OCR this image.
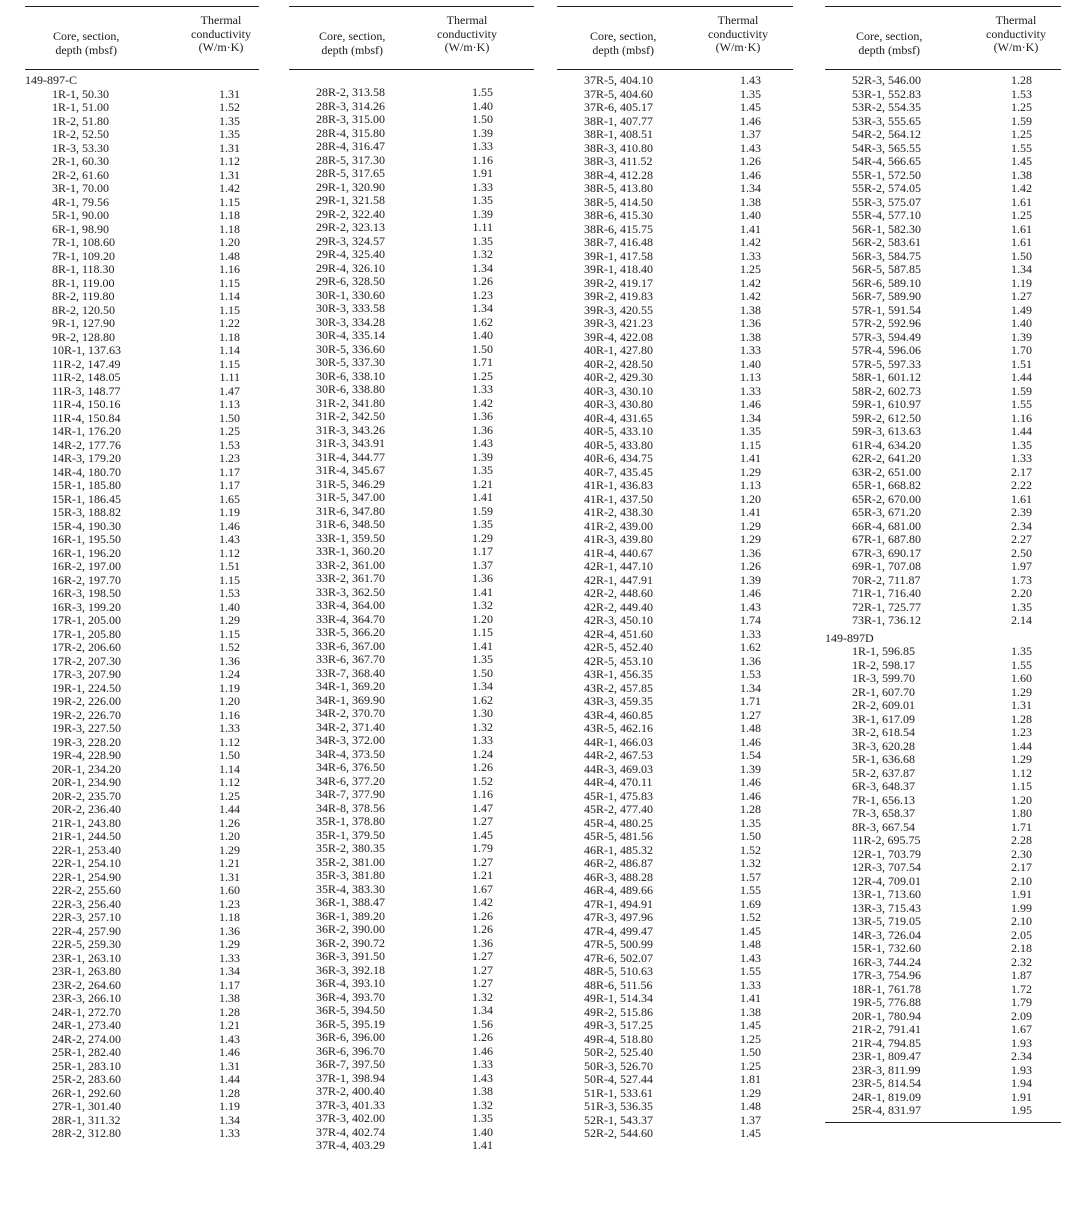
Core, section,
depth (mbsf)
Thermal
conductivity
(W/m·K)
149-897-C
1R-1, 50.30	1.31
1R-1, 51.00	1.52
1R-2, 51.80	1.35
1R-2, 52.50	1.35
1R-3, 53.30	1.31
2R-1, 60.30	1.12
2R-2, 61.60	1.31
3R-1, 70.00	1.42
4R-1, 79.56	1.15
5R-1, 90.00	1.18
6R-1, 98.90	1.18
7R-1, 108.60	1.20
7R-1, 109.20	1.48
8R-1, 118.30	1.16
8R-1, 119.00	1.15
8R-2, 119.80	1.14
8R-2, 120.50	1.15
9R-1, 127.90	1.22
9R-2, 128.80	1.18
10R-1, 137.63	1.14
11R-2, 147.49	1.15
11R-2, 148.05	1.11
11R-3, 148.77	1.47
11R-4, 150.16	1.13
11R-4, 150.84	1.50
14R-1, 176.20	1.25
14R-2, 177.76	1.53
14R-3, 179.20	1.23
14R-4, 180.70	1.17
15R-1, 185.80	1.17
15R-1, 186.45	1.65
15R-3, 188.82	1.19
15R-4, 190.30	1.46
16R-1, 195.50	1.43
16R-1, 196.20	1.12
16R-2, 197.00	1.51
16R-2, 197.70	1.15
16R-3, 198.50	1.53
16R-3, 199.20	1.40
17R-1, 205.00	1.29
17R-1, 205.80	1.15
17R-2, 206.60	1.52
17R-2, 207.30	1.36
17R-3, 207.90	1.24
19R-1, 224.50	1.19
19R-2, 226.00	1.20
19R-2, 226.70	1.16
19R-3, 227.50	1.33
19R-3, 228.20	1.12
19R-4, 228.90	1.50
20R-1, 234.20	1.14
20R-1, 234.90	1.12
20R-2, 235.70	1.25
20R-2, 236.40	1.44
21R-1, 243.80	1.26
21R-1, 244.50	1.20
22R-1, 253.40	1.29
22R-1, 254.10	1.21
22R-1, 254.90	1.31
22R-2, 255.60	1.60
22R-3, 256.40	1.23
22R-3, 257.10	1.18
22R-4, 257.90	1.36
22R-5, 259.30	1.29
23R-1, 263.10	1.33
23R-1, 263.80	1.34
23R-2, 264.60	1.17
23R-3, 266.10	1.38
24R-1, 272.70	1.28
24R-1, 273.40	1.21
24R-2, 274.00	1.43
25R-1, 282.40	1.46
25R-1, 283.10	1.31
25R-2, 283.60	1.44
26R-1, 292.60	1.28
27R-1, 301.40	1.19
28R-1, 311.32	1.34
28R-2, 312.80	1.33
Core, section,
depth (mbsf)
Thermal
conductivity
(W/m·K)
28R-2, 313.58	1.55
28R-3, 314.26	1.40
28R-3, 315.00	1.50
28R-4, 315.80	1.39
28R-4, 316.47	1.33
28R-5, 317.30	1.16
28R-5, 317.65	1.91
29R-1, 320.90	1.33
29R-1, 321.58	1.35
29R-2, 322.40	1.39
29R-2, 323.13	1.11
29R-3, 324.57	1.35
29R-4, 325.40	1.32
29R-4, 326.10	1.34
29R-6, 328.50	1.26
30R-1, 330.60	1.23
30R-3, 333.58	1.34
30R-3, 334.28	1.62
30R-4, 335.14	1.40
30R-5, 336.60	1.50
30R-5, 337.30	1.71
30R-6, 338.10	1.25
30R-6, 338.80	1.33
31R-2, 341.80	1.42
31R-2, 342.50	1.36
31R-3, 343.26	1.36
31R-3, 343.91	1.43
31R-4, 344.77	1.39
31R-4, 345.67	1.35
31R-5, 346.29	1.21
31R-5, 347.00	1.41
31R-6, 347.80	1.59
31R-6, 348.50	1.35
33R-1, 359.50	1.29
33R-1, 360.20	1.17
33R-2, 361.00	1.37
33R-2, 361.70	1.36
33R-3, 362.50	1.41
33R-4, 364.00	1.32
33R-4, 364.70	1.20
33R-5, 366.20	1.15
33R-6, 367.00	1.41
33R-6, 367.70	1.35
33R-7, 368.40	1.50
34R-1, 369.20	1.34
34R-1, 369.90	1.62
34R-2, 370.70	1.30
34R-2, 371.40	1.32
34R-3, 372.00	1.33
34R-4, 373.50	1.24
34R-6, 376.50	1.26
34R-6, 377.20	1.52
34R-7, 377.90	1.16
34R-8, 378.56	1.47
35R-1, 378.80	1.27
35R-1, 379.50	1.45
35R-2, 380.35	1.79
35R-2, 381.00	1.27
35R-3, 381.80	1.21
35R-4, 383.30	1.67
36R-1, 388.47	1.42
36R-1, 389.20	1.26
36R-2, 390.00	1.26
36R-2, 390.72	1.36
36R-3, 391.50	1.27
36R-3, 392.18	1.27
36R-4, 393.10	1.27
36R-4, 393.70	1.32
36R-5, 394.50	1.34
36R-5, 395.19	1.56
36R-6, 396.00	1.26
36R-6, 396.70	1.46
36R-7, 397.50	1.33
37R-1, 398.94	1.43
37R-2, 400.40	1.38
37R-3, 401.33	1.32
37R-3, 402.00	1.35
37R-4, 402.74	1.40
37R-4, 403.29	1.41
Core, section,
depth (mbsf)
Thermal
conductivity
(W/m·K)
37R-5, 404.10	1.43
37R-5, 404.60	1.35
37R-6, 405.17	1.45
38R-1, 407.77	1.46
38R-1, 408.51	1.37
38R-3, 410.80	1.43
38R-3, 411.52	1.26
38R-4, 412.28	1.46
38R-5, 413.80	1.34
38R-5, 414.50	1.38
38R-6, 415.30	1.40
38R-6, 415.75	1.41
38R-7, 416.48	1.42
39R-1, 417.58	1.33
39R-1, 418.40	1.25
39R-2, 419.17	1.42
39R-2, 419.83	1.42
39R-3, 420.55	1.38
39R-3, 421.23	1.36
39R-4, 422.08	1.38
40R-1, 427.80	1.33
40R-2, 428.50	1.40
40R-2, 429.30	1.13
40R-3, 430.10	1.33
40R-3, 430.80	1.46
40R-4, 431.65	1.34
40R-5, 433.10	1.35
40R-5, 433.80	1.15
40R-6, 434.75	1.41
40R-7, 435.45	1.29
41R-1, 436.83	1.13
41R-1, 437.50	1.20
41R-2, 438.30	1.41
41R-2, 439.00	1.29
41R-3, 439.80	1.29
41R-4, 440.67	1.36
42R-1, 447.10	1.26
42R-1, 447.91	1.39
42R-2, 448.60	1.46
42R-2, 449.40	1.43
42R-3, 450.10	1.74
42R-4, 451.60	1.33
42R-5, 452.40	1.62
42R-5, 453.10	1.36
43R-1, 456.35	1.53
43R-2, 457.85	1.34
43R-3, 459.35	1.71
43R-4, 460.85	1.27
43R-5, 462.16	1.48
44R-1, 466.03	1.46
44R-2, 467.53	1.54
44R-3, 469.03	1.39
44R-4, 470.11	1.46
45R-1, 475.83	1.46
45R-2, 477.40	1.28
45R-4, 480.25	1.35
45R-5, 481.56	1.50
46R-1, 485.32	1.52
46R-2, 486.87	1.32
46R-3, 488.28	1.57
46R-4, 489.66	1.55
47R-1, 494.91	1.69
47R-3, 497.96	1.52
47R-4, 499.47	1.45
47R-5, 500.99	1.48
47R-6, 502.07	1.43
48R-5, 510.63	1.55
48R-6, 511.56	1.33
49R-1, 514.34	1.41
49R-2, 515.86	1.38
49R-3, 517.25	1.45
49R-4, 518.80	1.25
50R-2, 525.40	1.50
50R-3, 526.70	1.25
50R-4, 527.44	1.81
51R-1, 533.61	1.29
51R-3, 536.35	1.48
52R-1, 543.37	1.37
52R-2, 544.60	1.45
Core, section,
depth (mbsf)
Thermal
conductivity
(W/m·K)
52R-3, 546.00	1.28
53R-1, 552.83	1.53
53R-2, 554.35	1.25
53R-3, 555.65	1.59
54R-2, 564.12	1.25
54R-3, 565.55	1.55
54R-4, 566.65	1.45
55R-1, 572.50	1.38
55R-2, 574.05	1.42
55R-3, 575.07	1.61
55R-4, 577.10	1.25
56R-1, 582.30	1.61
56R-2, 583.61	1.61
56R-3, 584.75	1.50
56R-5, 587.85	1.34
56R-6, 589.10	1.19
56R-7, 589.90	1.27
57R-1, 591.54	1.49
57R-2, 592.96	1.40
57R-3, 594.49	1.39
57R-4, 596.06	1.70
57R-5, 597.33	1.51
58R-1, 601.12	1.44
58R-2, 602.73	1.59
59R-1, 610.97	1.55
59R-2, 612.50	1.16
59R-3, 613.63	1.44
61R-4, 634.20	1.35
62R-2, 641.20	1.33
63R-2, 651.00	2.17
65R-1, 668.82	2.22
65R-2, 670.00	1.61
65R-3, 671.20	2.39
66R-4, 681.00	2.34
67R-1, 687.80	2.27
67R-3, 690.17	2.50
69R-1, 707.08	1.97
70R-2, 711.87	1.73
71R-1, 716.40	2.20
72R-1, 725.77	1.35
73R-1, 736.12	2.14
149-897D
1R-1, 596.85	1.35
1R-2, 598.17	1.55
1R-3, 599.70	1.60
2R-1, 607.70	1.29
2R-2, 609.01	1.31
3R-1, 617.09	1.28
3R-2, 618.54	1.23
3R-3, 620.28	1.44
5R-1, 636.68	1.29
5R-2, 637.87	1.12
6R-3, 648.37	1.15
7R-1, 656.13	1.20
7R-3, 658.37	1.80
8R-3, 667.54	1.71
11R-2, 695.75	2.28
12R-1, 703.79	2.30
12R-3, 707.54	2.17
12R-4, 709.01	2.10
13R-1, 713.60	1.91
13R-3, 715.43	1.99
13R-5, 719.05	2.10
14R-3, 726.04	2.05
15R-1, 732.60	2.18
16R-3, 744.24	2.32
17R-3, 754.96	1.87
18R-1, 761.78	1.72
19R-5, 776.88	1.79
20R-1, 780.94	2.09
21R-2, 791.41	1.67
21R-4, 794.85	1.93
23R-1, 809.47	2.34
23R-3, 811.99	1.93
23R-5, 814.54	1.94
24R-1, 819.09	1.91
25R-4, 831.97	1.95
